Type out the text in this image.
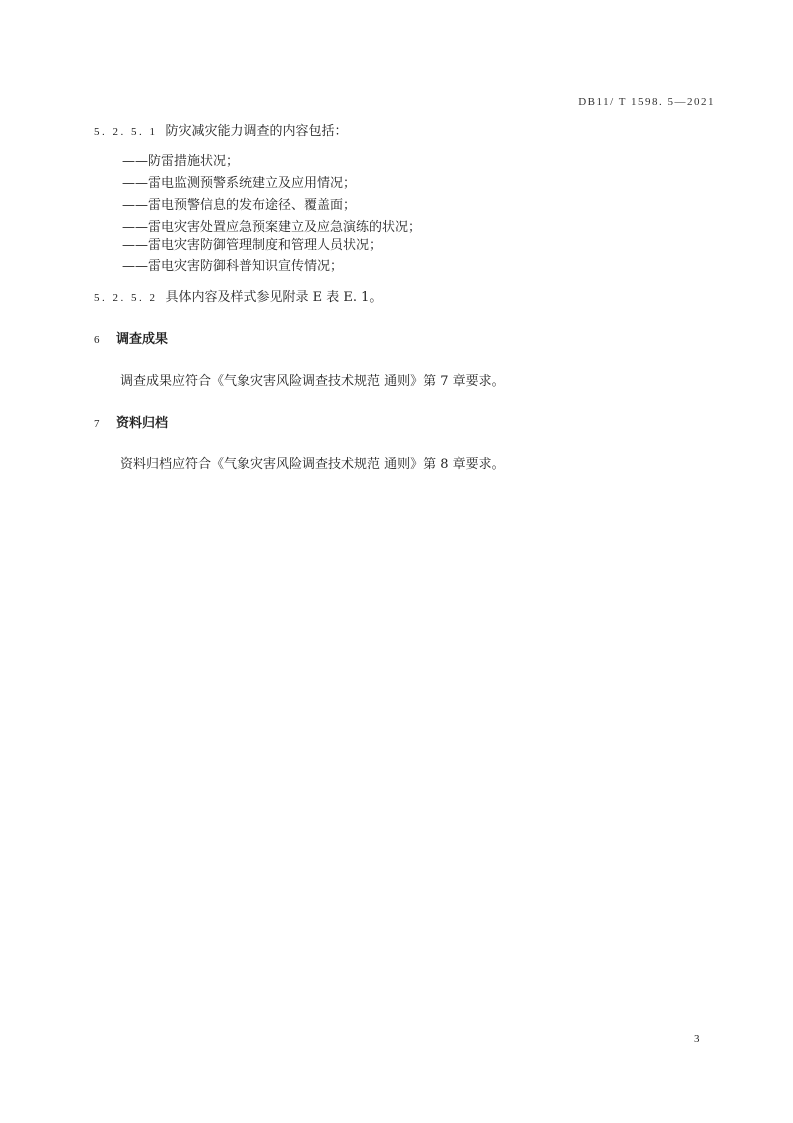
DB11/ T 1598. 5—2021
5. 2. 5. 1 防灾减灾能力调查的内容包括：
——防雷措施状况；
——雷电监测预警系统建立及应用情况；
——雷电预警信息的发布途径、覆盖面；
——雷电灾害处置应急预案建立及应急演练的状况；
——雷电灾害防御管理制度和管理人员状况；
——雷电灾害防御科普知识宣传情况；
5. 2. 5. 2 具体内容及样式参见附录 E 表 E. 1。
6 调查成果
调查成果应符合《气象灾害风险调查技术规范 通则》第 7 章要求。
7 资料归档
资料归档应符合《气象灾害风险调查技术规范 通则》第 8 章要求。
3
